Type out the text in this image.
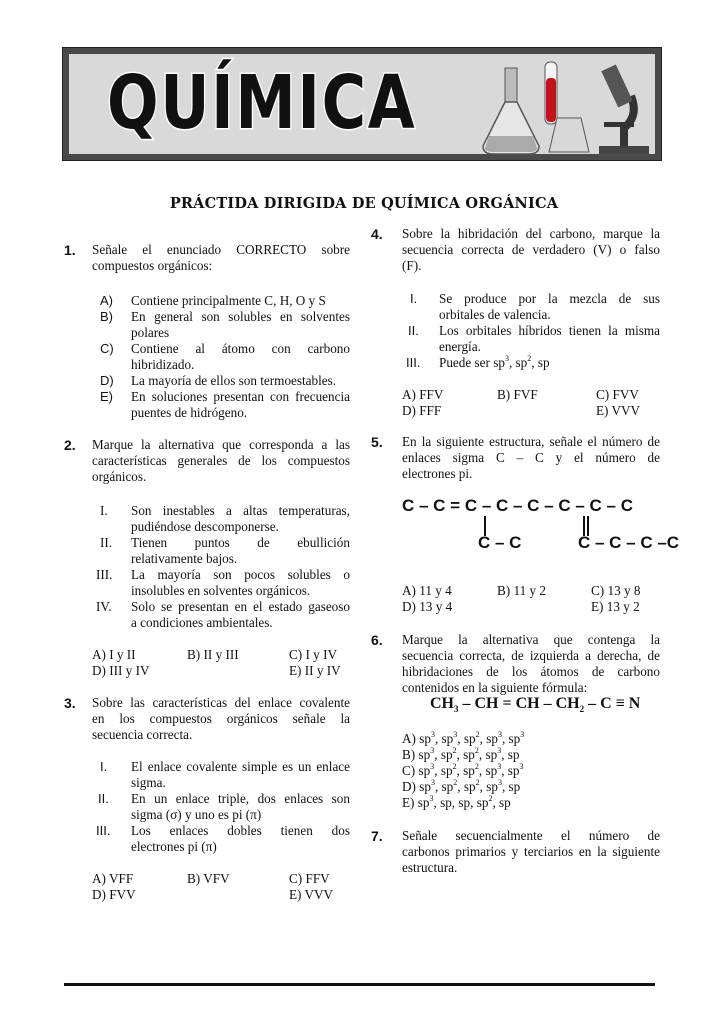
QUÍMICA
PRÁCTIDA DIRIGIDA DE QUÍMICA ORGÁNICA
1. Señale el enunciado CORRECTO sobre
compuestos orgánicos:
A) Contiene principalmente C, H, O y S
B) En general son solubles en solventes
polares
C) Contiene al átomo con carbono
hibridizado.
D) La mayoría de ellos son termoestables.
E) En soluciones presentan con frecuencia
puentes de hidrógeno.
2. Marque la alternativa que corresponda a las
características generales de los compuestos
orgánicos.
I. Son inestables a altas temperaturas,
pudiéndose descomponerse.
II. Tienen puntos de ebullición
relativamente bajos.
III. La mayoría son pocos solubles o
insolubles en solventes orgánicos.
IV. Solo se presentan en el estado gaseoso
a condiciones ambientales.
A) I y II	B) II y III	C) I y IV
D) III y IV	E) II y IV
3. Sobre las características del enlace covalente
en los compuestos orgánicos señale la
secuencia correcta.
I. El enlace covalente simple es un enlace
sigma.
II. En un enlace triple, dos enlaces son
sigma (σ) y uno es pi (π)
III. Los enlaces dobles tienen dos
electrones pi (π)
A) VFF	B) VFV	C) FFV
D) FVV	E) VVV
4. Sobre la hibridación del carbono, marque la
secuencia correcta de verdadero (V) o falso
(F).
I. Se produce por la mezcla de sus
orbitales de valencia.
II. Los orbitales híbridos tienen la misma
energía.
III. Puede ser $sp^3$, $sp^2$, sp
A) FFV	B) FVF	C) FVV
D) FFF	E) VVV
5. En la siguiente estructura, señale el número de
enlaces sigma C – C y el número de
electrones pi.
C – C = C – C – C – C – C – C
C – C	C – C – C –C
A) 11 y 4	B) 11 y 2	C) 13 y 8
D) 13 y 4	E) 13 y 2
6. Marque la alternativa que contenga la
secuencia correcta, de izquierda a derecha, de
hibridaciones de los átomos de carbono
contenidos en la siguiente fórmula:
$CH_3$ – CH = CH – $CH_2 - C \equiv N$
A) $sp^3$, $sp^3$, $sp^2$, $sp^3$, $sp^3$
B) $sp^3$, $sp^2$, $sp^2$, $sp^3$, sp
C) $sp^3$, $sp^2$, $sp^2$, $sp^3$, $sp^3$
D) $sp^3$, $sp^2$, $sp^2$, $sp^3$, sp
E) $sp^3$, sp, sp, $sp^2$, sp
7. Señale secuencialmente el número de
carbonos primarios y terciarios en la siguiente
estructura.
